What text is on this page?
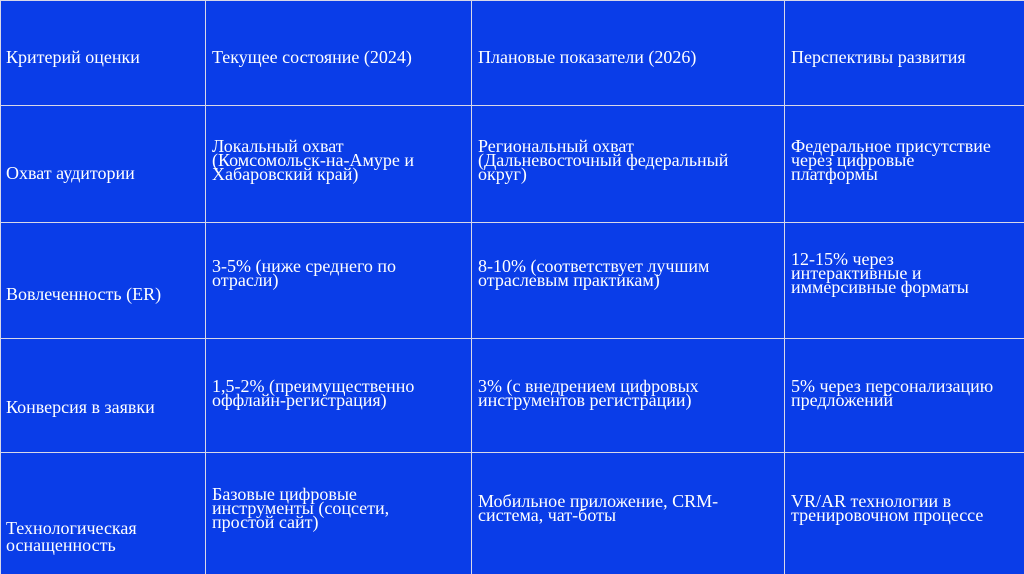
Критерий оценки	Текущее состояние (2024)	Плановые показатели (2026)	Перспективы развития

Охват аудитории	Локальный охват
(Комсомольск-на-Амуре и
Хабаровский край)	Региональный охват
(Дальневосточный федеральный
округ)	Федеральное присутствие
через цифровые
платформы

Вовлеченность (ER)	3-5% (ниже среднего по
отрасли)	8-10% (соответствует лучшим
отраслевым практикам)	12-15% через
интерактивные и
иммерсивные форматы

Конверсия в заявки	1,5-2% (преимущественно
оффлайн-регистрация)	3% (с внедрением цифровых
инструментов регистрации)	5% через персонализацию
предложений

Технологическая
оснащенность	Базовые цифровые
инструменты (соцсети,
простой сайт)	Мобильное приложение, CRM-
система, чат-боты	VR/AR технологии в
тренировочном процессе
